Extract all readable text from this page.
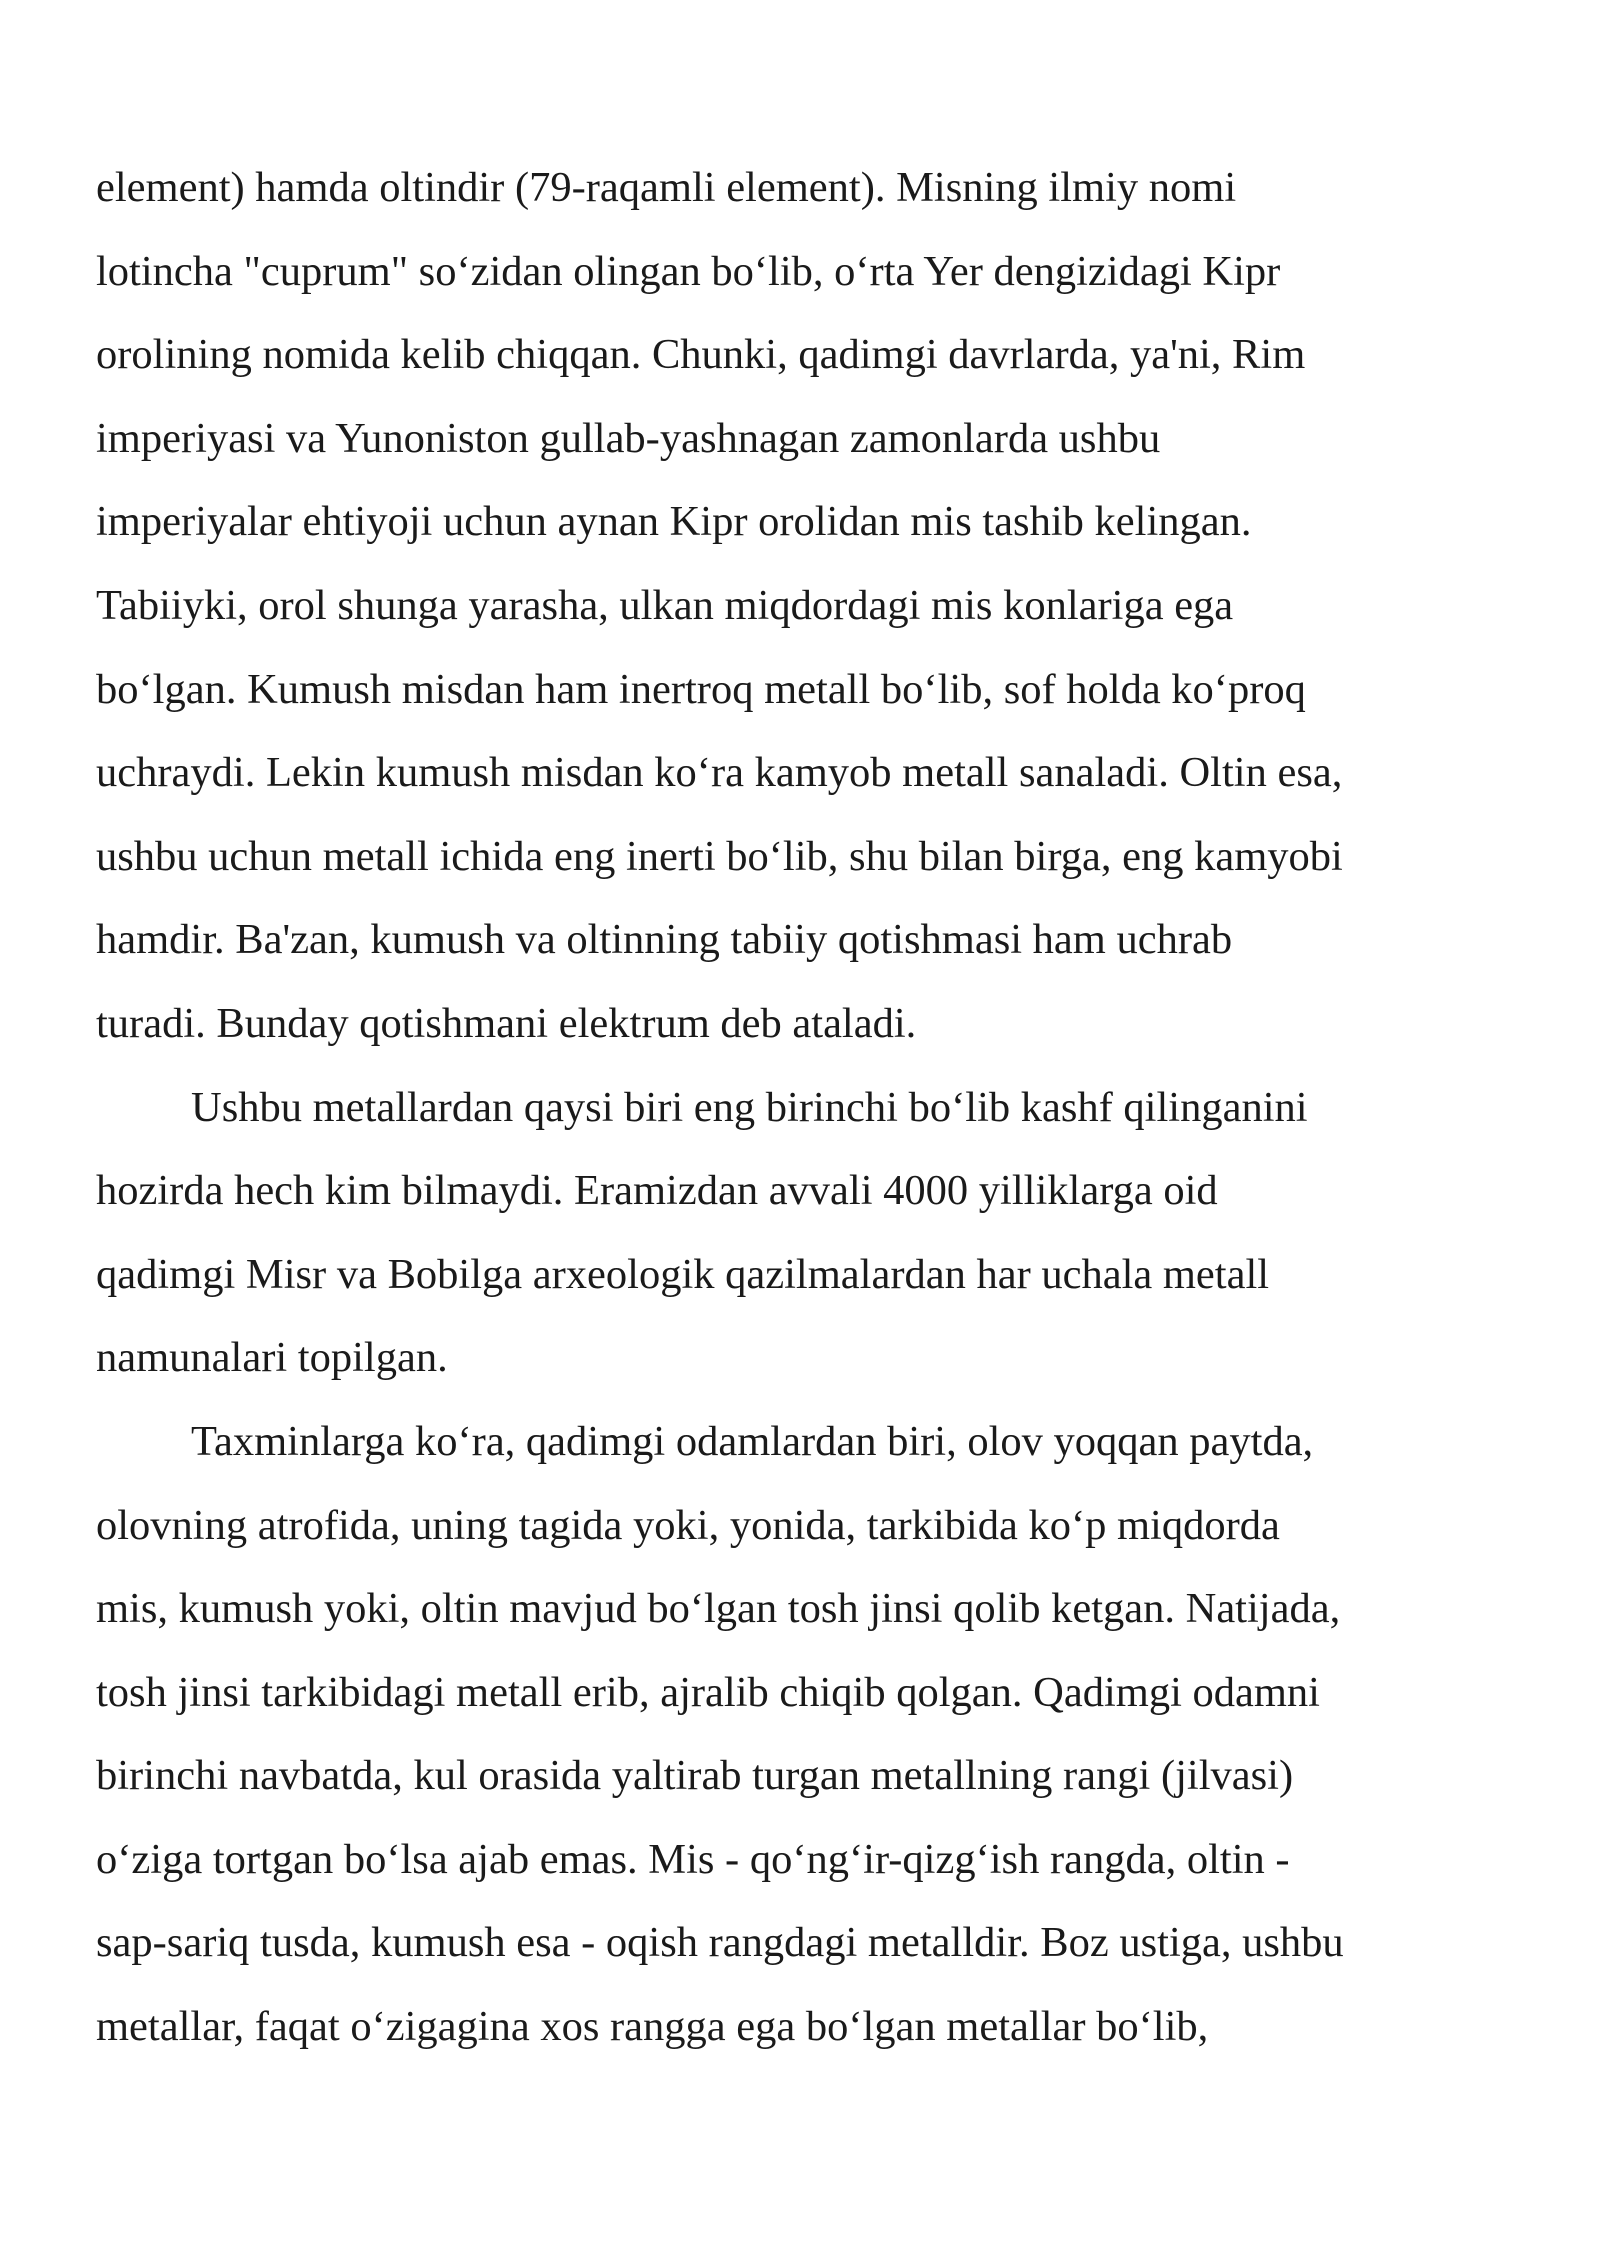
element) hamda oltindir (79-raqamli element). Misning ilmiy nomi
lotincha "cuprum" so‘zidan olingan bo‘lib, o‘rta Yer dengizidagi Kipr
orolining nomida kelib chiqqan. Chunki, qadimgi davrlarda, ya'ni, Rim
imperiyasi va Yunoniston gullab-yashnagan zamonlarda ushbu
imperiyalar ehtiyoji uchun aynan Kipr orolidan mis tashib kelingan.
Tabiiyki, orol shunga yarasha, ulkan miqdordagi mis konlariga ega
bo‘lgan. Kumush misdan ham inertroq metall bo‘lib, sof holda ko‘proq
uchraydi. Lekin kumush misdan ko‘ra kamyob metall sanaladi. Oltin esa,
ushbu uchun metall ichida eng inerti bo‘lib, shu bilan birga, eng kamyobi
hamdir. Ba'zan, kumush va oltinning tabiiy qotishmasi ham uchrab
turadi. Bunday qotishmani elektrum deb ataladi.
Ushbu metallardan qaysi biri eng birinchi bo‘lib kashf qilinganini
hozirda hech kim bilmaydi. Eramizdan avvali 4000 yilliklarga oid
qadimgi Misr va Bobilga arxeologik qazilmalardan har uchala metall
namunalari topilgan.
Taxminlarga ko‘ra, qadimgi odamlardan biri, olov yoqqan paytda,
olovning atrofida, uning tagida yoki, yonida, tarkibida ko‘p miqdorda
mis, kumush yoki, oltin mavjud bo‘lgan tosh jinsi qolib ketgan. Natijada,
tosh jinsi tarkibidagi metall erib, ajralib chiqib qolgan. Qadimgi odamni
birinchi navbatda, kul orasida yaltirab turgan metallning rangi (jilvasi)
o‘ziga tortgan bo‘lsa ajab emas. Mis - qo‘ng‘ir-qizg‘ish rangda, oltin -
sap-sariq tusda, kumush esa - oqish rangdagi metalldir. Boz ustiga, ushbu
metallar, faqat o‘zigagina xos rangga ega bo‘lgan metallar bo‘lib,
